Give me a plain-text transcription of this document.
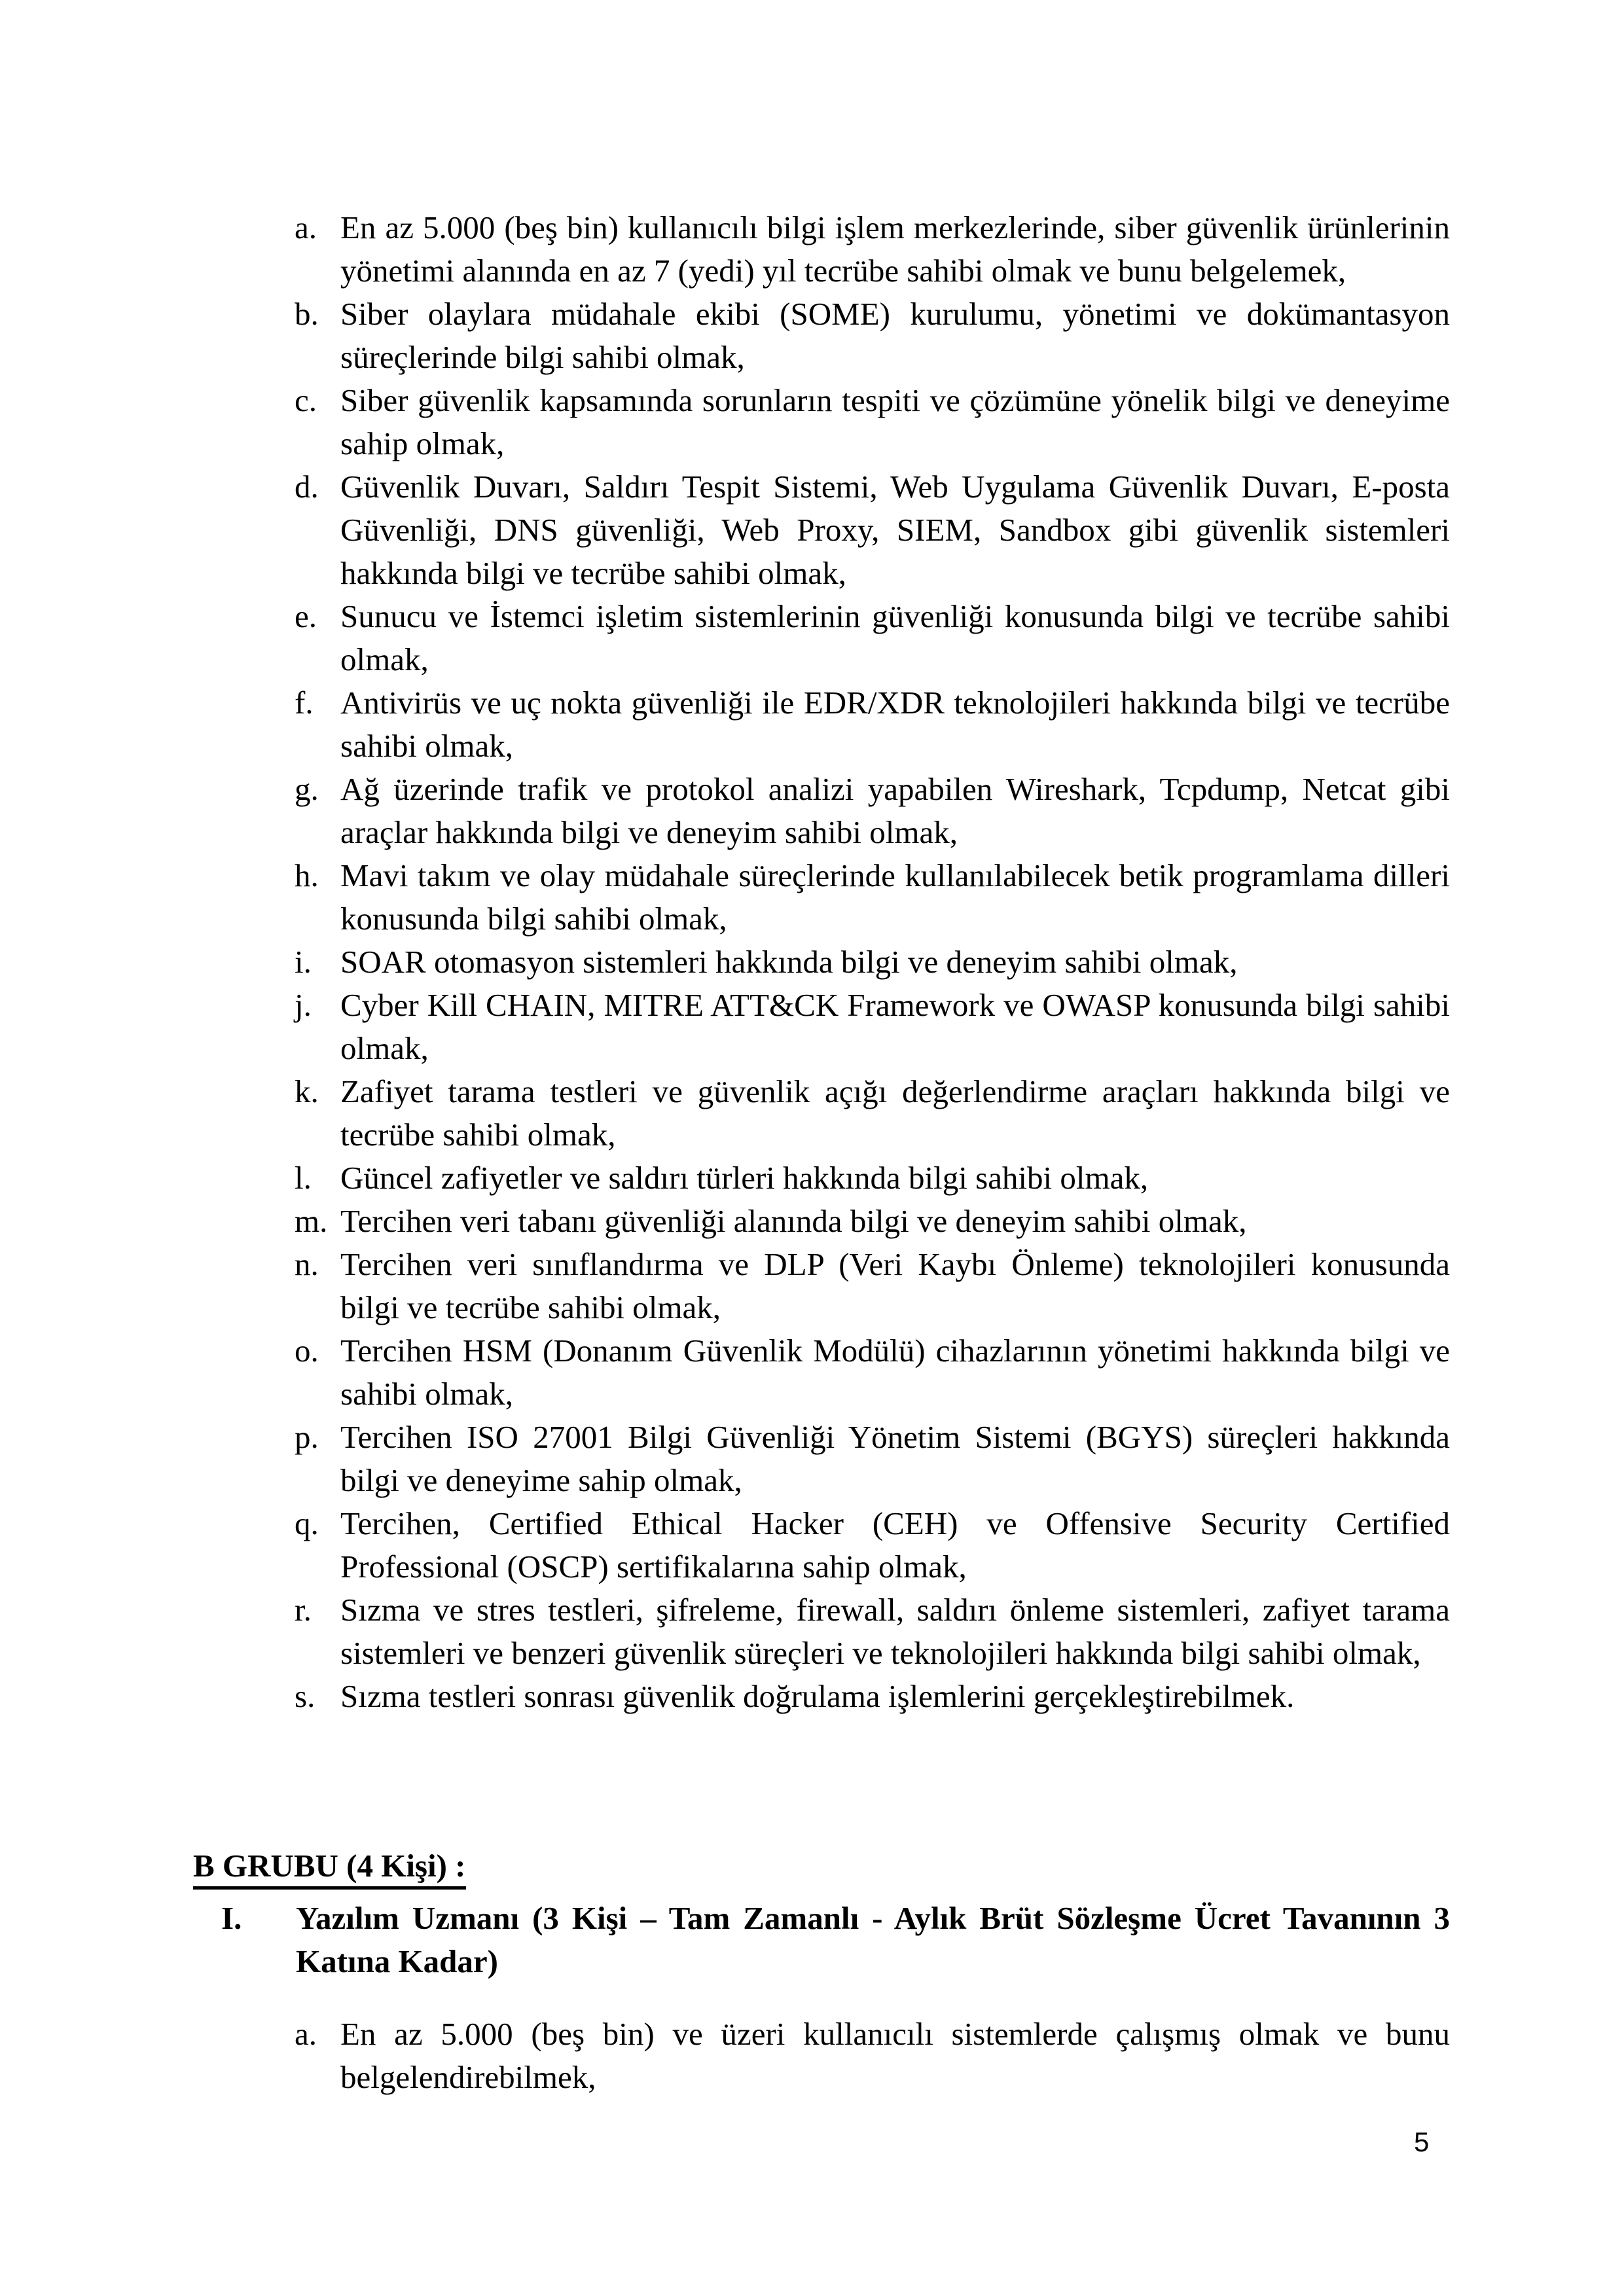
a. En az 5.000 (beş bin) kullanıcılı bilgi işlem merkezlerinde, siber güvenlik ürünlerinin yönetimi alanında en az 7 (yedi) yıl tecrübe sahibi olmak ve bunu belgelemek,
b. Siber olaylara müdahale ekibi (SOME) kurulumu, yönetimi ve dokümantasyon süreçlerinde bilgi sahibi olmak,
c. Siber güvenlik kapsamında sorunların tespiti ve çözümüne yönelik bilgi ve deneyime sahip olmak,
d. Güvenlik Duvarı, Saldırı Tespit Sistemi, Web Uygulama Güvenlik Duvarı, E-posta Güvenliği, DNS güvenliği, Web Proxy, SIEM, Sandbox gibi güvenlik sistemleri hakkında bilgi ve tecrübe sahibi olmak,
e. Sunucu ve İstemci işletim sistemlerinin güvenliği konusunda bilgi ve tecrübe sahibi olmak,
f. Antivirüs ve uç nokta güvenliği ile EDR/XDR teknolojileri hakkında bilgi ve tecrübe sahibi olmak,
g. Ağ üzerinde trafik ve protokol analizi yapabilen Wireshark, Tcpdump, Netcat gibi araçlar hakkında bilgi ve deneyim sahibi olmak,
h. Mavi takım ve olay müdahale süreçlerinde kullanılabilecek betik programlama dilleri konusunda bilgi sahibi olmak,
i. SOAR otomasyon sistemleri hakkında bilgi ve deneyim sahibi olmak,
j. Cyber Kill CHAIN, MITRE ATT&CK Framework ve OWASP konusunda bilgi sahibi olmak,
k. Zafiyet tarama testleri ve güvenlik açığı değerlendirme araçları hakkında bilgi ve tecrübe sahibi olmak,
l. Güncel zafiyetler ve saldırı türleri hakkında bilgi sahibi olmak,
m. Tercihen veri tabanı güvenliği alanında bilgi ve deneyim sahibi olmak,
n. Tercihen veri sınıflandırma ve DLP (Veri Kaybı Önleme) teknolojileri konusunda bilgi ve tecrübe sahibi olmak,
o. Tercihen HSM (Donanım Güvenlik Modülü) cihazlarının yönetimi hakkında bilgi ve sahibi olmak,
p. Tercihen ISO 27001 Bilgi Güvenliği Yönetim Sistemi (BGYS) süreçleri hakkında bilgi ve deneyime sahip olmak,
q. Tercihen, Certified Ethical Hacker (CEH) ve Offensive Security Certified Professional (OSCP) sertifikalarına sahip olmak,
r. Sızma ve stres testleri, şifreleme, firewall, saldırı önleme sistemleri, zafiyet tarama sistemleri ve benzeri güvenlik süreçleri ve teknolojileri hakkında bilgi sahibi olmak,
s. Sızma testleri sonrası güvenlik doğrulama işlemlerini gerçekleştirebilmek.
B GRUBU (4 Kişi) :
I. Yazılım Uzmanı (3 Kişi – Tam Zamanlı - Aylık Brüt Sözleşme Ücret Tavanının 3 Katına Kadar)
a. En az 5.000 (beş bin) ve üzeri kullanıcılı sistemlerde çalışmış olmak ve bunu belgelendirebilmek,
5
